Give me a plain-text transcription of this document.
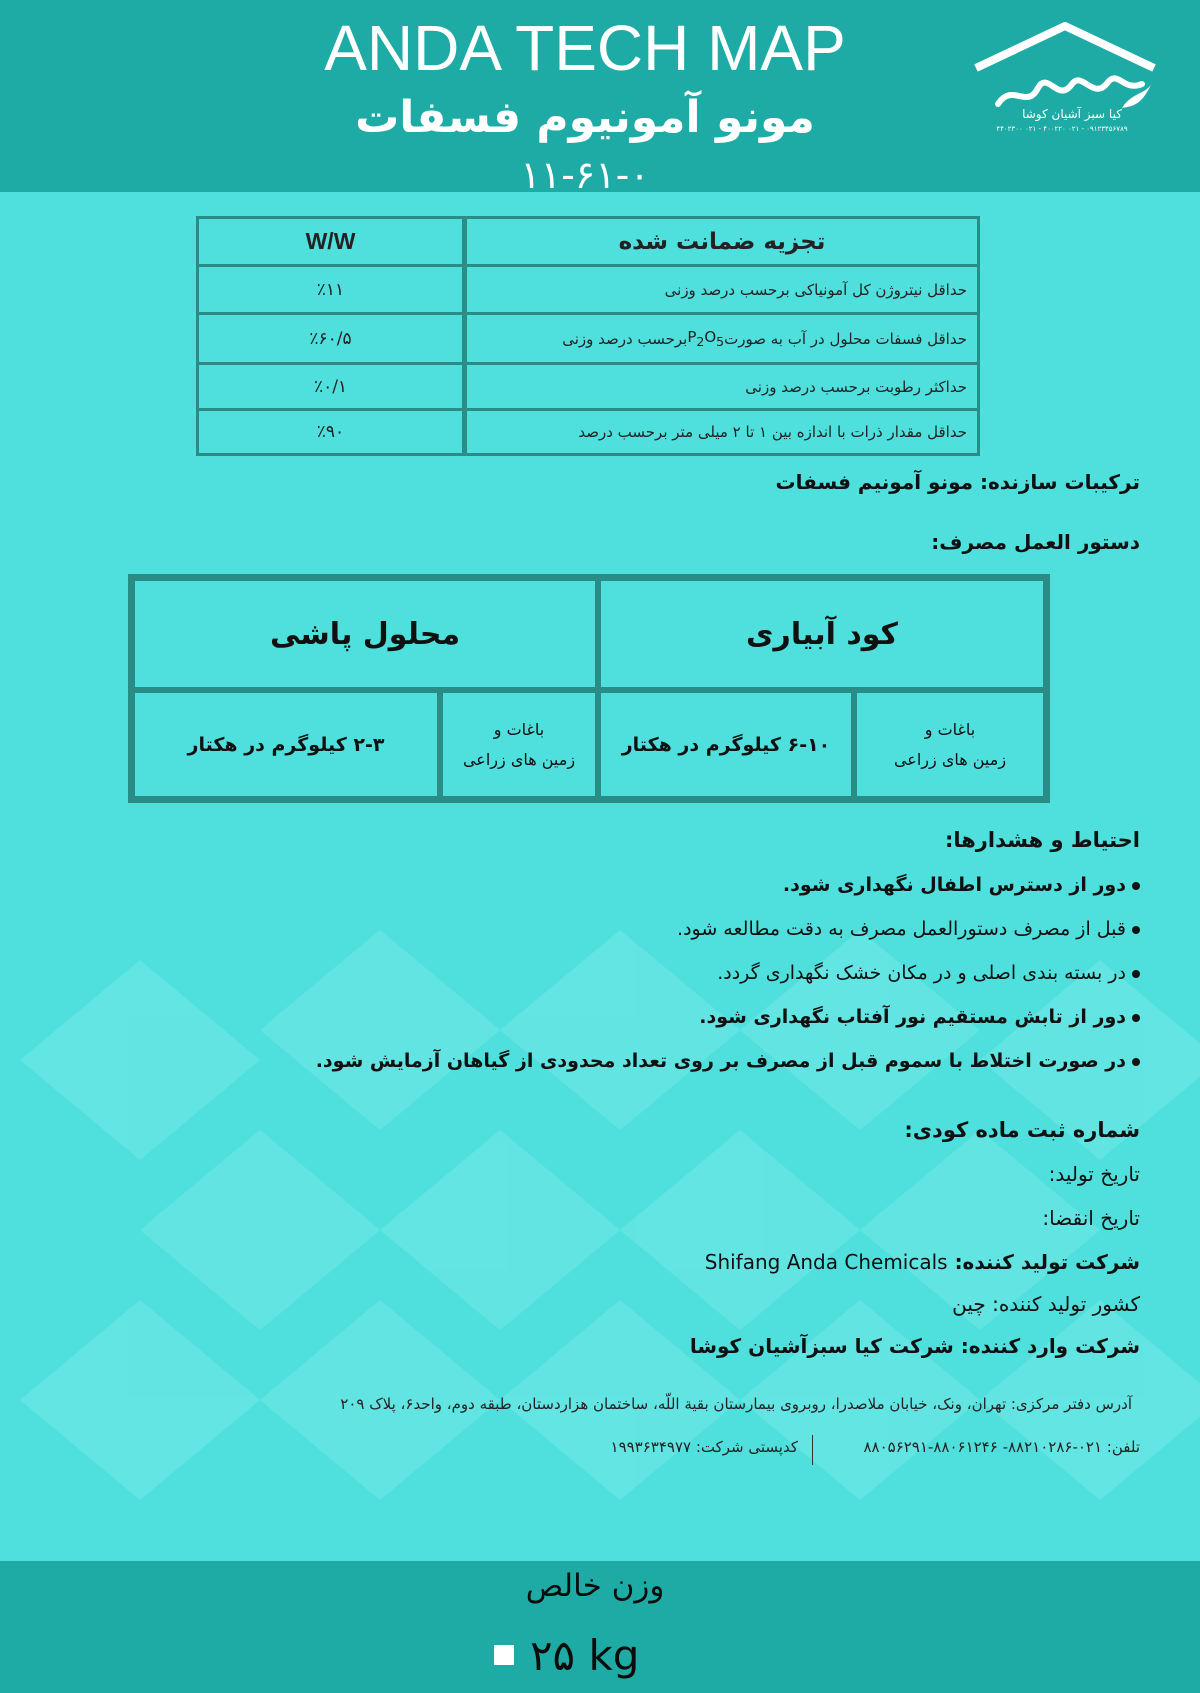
ANDA TECH MAP
مونو آمونیوم فسفات
۱۱-۶۱-۰
کیا سبز آشیان کوشا
۴۴۰۲۳۰۰ ۰۲۱ - ۴۰۰۲۲۰ ۰۲۱ - ۰۹۱۲۳۴۵۶۷۸۹
تجزیه ضمانت شده
W/W
حداقل نیتروژن کل آمونیاکی برحسب درصد وزنی
٪۱۱
حداقل فسفات محلول در آب به صورت
$P_2O_5$
برحسب درصد وزنی
٪۶۰/۵
حداکثر رطوبت برحسب درصد وزنی
٪۰/۱
حداقل مقدار ذرات با اندازه بین ۱ تا ۲ میلی متر برحسب درصد
٪۹۰
ترکیبات سازنده: مونو آمونیم فسفات
دستور العمل مصرف:
کود آبیاری
محلول پاشی
باغات و
زمین های زراعی
۶-۱۰ کیلوگرم در هکتار
باغات و
زمین های زراعی
۲-۳ کیلوگرم در هکتار
احتیاط و هشدارها:
دور از دسترس اطفال نگهداری شود.
قبل از مصرف دستورالعمل مصرف به دقت مطالعه شود.
در بسته بندی اصلی و در مکان خشک نگهداری گردد.
دور از تابش مستقیم نور آفتاب نگهداری شود.
در صورت اختلاط با سموم قبل از مصرف بر روی تعداد محدودی از گیاهان آزمایش شود.
شماره ثبت ماده کودی:
تاریخ تولید:
تاریخ انقضا:
شرکت تولید کننده: Shifang Anda Chemicals
کشور تولید کننده: چین
شرکت وارد کننده: شرکت کیا سبزآشیان کوشا
آدرس دفتر مرکزی: تهران، ونک، خیابان ملاصدرا، روبروی بیمارستان بقیة اللّه، ساختمان هزاردستان، طبقه دوم، واحد۶، پلاک ۲۰۹
تلفن: ۰۲۱-۸۸۲۱۰۲۸۶- ۸۸۰۶۱۲۴۶-۸۸۰۵۶۲۹۱
کدپستی شرکت: ۱۹۹۳۶۳۴۹۷۷
وزن خالص
۲۵ kg
